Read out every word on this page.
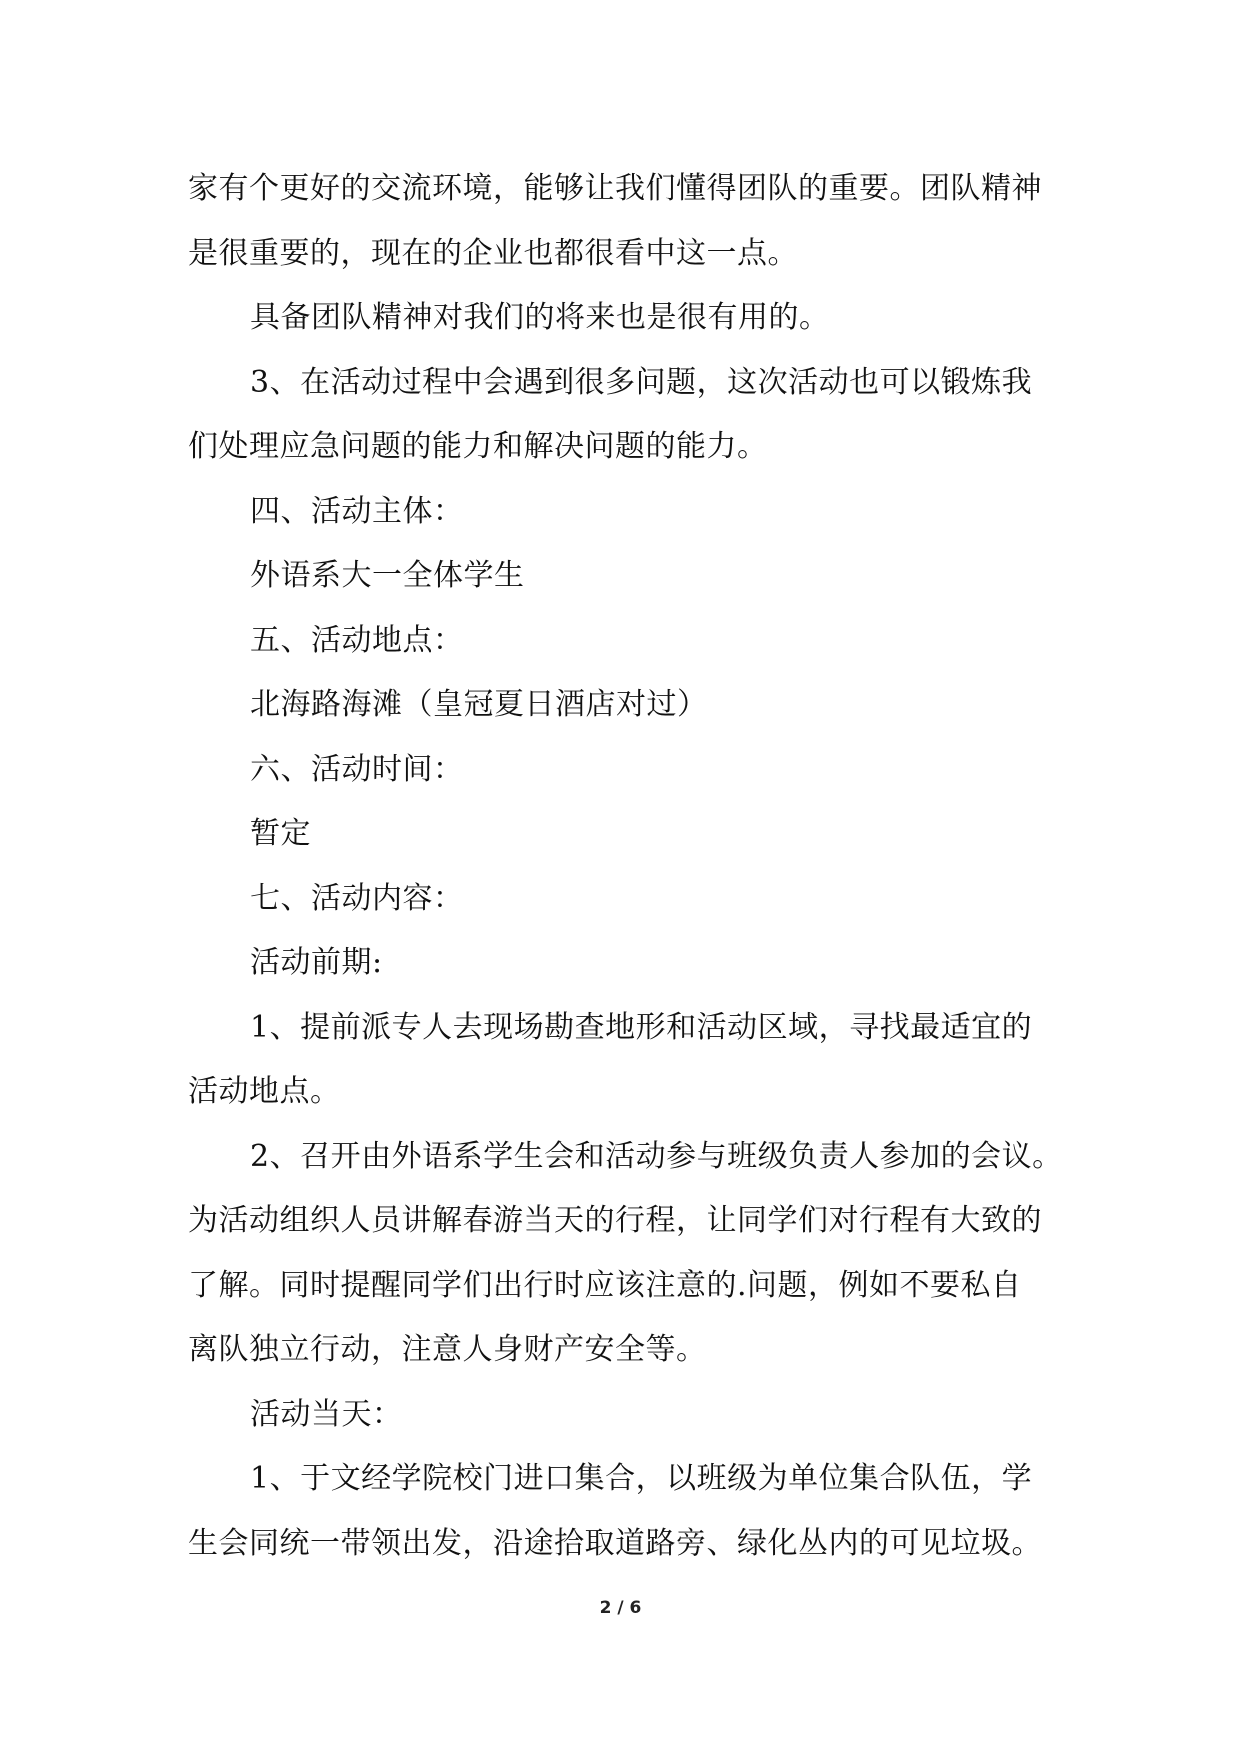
家有个更好的交流环境，能够让我们懂得团队的重要。团队精神
是很重要的，现在的企业也都很看中这一点。
具备团队精神对我们的将来也是很有用的。
3、在活动过程中会遇到很多问题，这次活动也可以锻炼我
们处理应急问题的能力和解决问题的能力。
四、活动主体：
外语系大一全体学生
五、活动地点：
北海路海滩（皇冠夏日酒店对过）
六、活动时间：
暂定
七、活动内容：
活动前期:
1、提前派专人去现场勘查地形和活动区域，寻找最适宜的
活动地点。
2、召开由外语系学生会和活动参与班级负责人参加的会议。
为活动组织人员讲解春游当天的行程，让同学们对行程有大致的
了解。同时提醒同学们出行时应该注意的.问题，例如不要私自
离队独立行动，注意人身财产安全等。
活动当天：
1、于文经学院校门进口集合，以班级为单位集合队伍，学
生会同统一带领出发，沿途拾取道路旁、绿化丛内的可见垃圾。
2 / 6
